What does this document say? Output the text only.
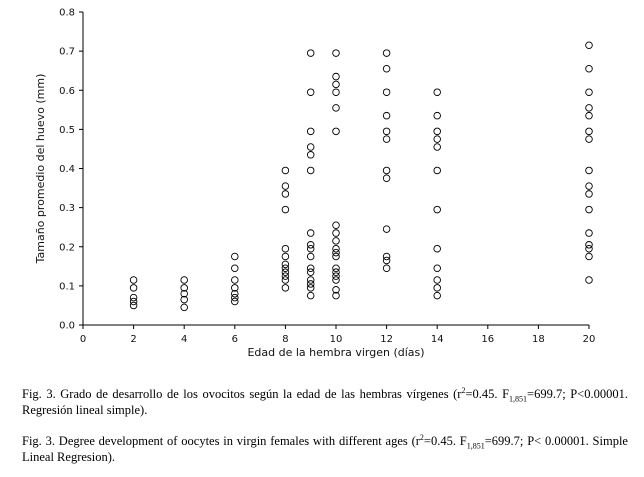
0	2	4	6	8	10	12	14	16	18	20
0.0
0.1
0.2
0.3
0.4
0.5
0.6
0.7
0.8
Edad de la hembra virgen (días)
Tamaño promedio del huevo (mm)

Fig. 3. Grado de desarrollo de los ovocitos según la edad de las hembras vírgenes ($r^2=0.45$. $F_{1,851}=699.7$; P<0.00001. Regresión lineal simple).

Fig. 3. Degree development of oocytes in virgin females with different ages ($r^2=0.45$. $F_{1,851}=699.7$; P< 0.00001. Simple Lineal Regresion).
